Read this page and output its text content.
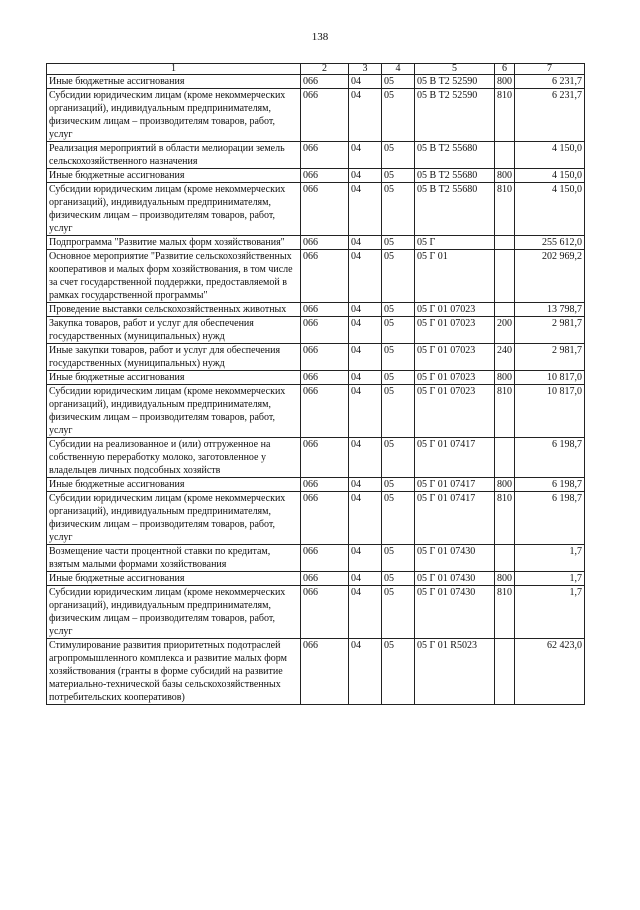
138
1	2	3	4	5	6	7
Иные бюджетные ассигнования	066	04	05	05 В Т2 52590	800	6 231,7
Субсидии юридическим лицам (кроме некоммерческих организаций), индивидуальным предпринимателям, физическим лицам – производителям товаров, работ, услуг	066	04	05	05 В Т2 52590	810	6 231,7
Реализация мероприятий в области мелиорации земель сельскохозяйственного назначения	066	04	05	05 В Т2 55680		4 150,0
Иные бюджетные ассигнования	066	04	05	05 В Т2 55680	800	4 150,0
Субсидии юридическим лицам (кроме некоммерческих организаций), индивидуальным предпринимателям, физическим лицам – производителям товаров, работ, услуг	066	04	05	05 В Т2 55680	810	4 150,0
Подпрограмма "Развитие малых форм хозяйствования"	066	04	05	05 Г		255 612,0
Основное мероприятие "Развитие сельскохозяйственных кооперативов и малых форм хозяйствования, в том числе за счет государственной поддержки, предоставляемой в рамках государственной программы"	066	04	05	05 Г 01		202 969,2
Проведение выставки сельскохозяйственных животных	066	04	05	05 Г 01 07023		13 798,7
Закупка товаров, работ и услуг для обеспечения государственных (муниципальных) нужд	066	04	05	05 Г 01 07023	200	2 981,7
Иные закупки товаров, работ и услуг для обеспечения государственных (муниципальных) нужд	066	04	05	05 Г 01 07023	240	2 981,7
Иные бюджетные ассигнования	066	04	05	05 Г 01 07023	800	10 817,0
Субсидии юридическим лицам (кроме некоммерческих организаций), индивидуальным предпринимателям, физическим лицам – производителям товаров, работ, услуг	066	04	05	05 Г 01 07023	810	10 817,0
Субсидии на реализованное и (или) отгруженное на собственную переработку молоко, заготовленное у владельцев личных подсобных хозяйств	066	04	05	05 Г 01 07417		6 198,7
Иные бюджетные ассигнования	066	04	05	05 Г 01 07417	800	6 198,7
Субсидии юридическим лицам (кроме некоммерческих организаций), индивидуальным предпринимателям, физическим лицам – производителям товаров, работ, услуг	066	04	05	05 Г 01 07417	810	6 198,7
Возмещение части процентной ставки по кредитам, взятым малыми формами хозяйствования	066	04	05	05 Г 01 07430		1,7
Иные бюджетные ассигнования	066	04	05	05 Г 01 07430	800	1,7
Субсидии юридическим лицам (кроме некоммерческих организаций), индивидуальным предпринимателям, физическим лицам – производителям товаров, работ, услуг	066	04	05	05 Г 01 07430	810	1,7
Стимулирование развития приоритетных подотраслей агропромышленного комплекса и развитие малых форм хозяйствования (гранты в форме субсидий на развитие материально-технической базы сельскохозяйственных потребительских кооперативов)	066	04	05	05 Г 01 R5023		62 423,0
